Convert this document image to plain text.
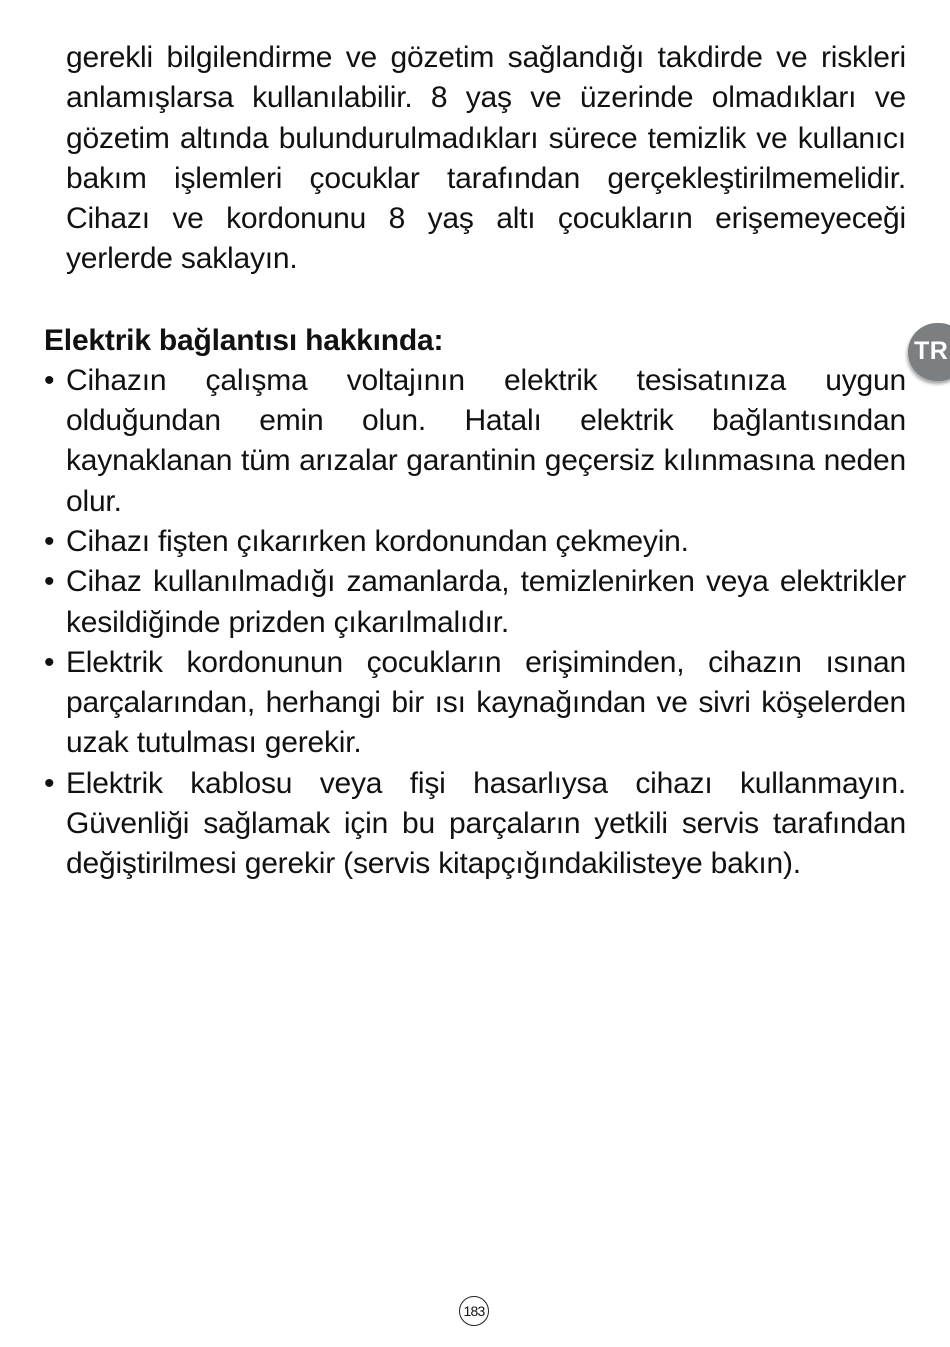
gerekli bilgilendirme ve gözetim sağlandığı takdirde ve riskleri anlamışlarsa kullanılabilir. 8 yaş ve üzerinde olmadıkları ve gözetim altında bulundurulmadıkları sürece temizlik ve kullanıcı bakım işlemleri çocuklar tarafından gerçekleştirilmemelidir. Cihazı ve kordonunu 8 yaş altı çocukların erişemeyeceği yerlerde saklayın.

Elektrik bağlantısı hakkında:
• Cihazın çalışma voltajının elektrik tesisatınıza uygun olduğundan emin olun. Hatalı elektrik bağlantısından kaynaklanan tüm arızalar garantinin geçersiz kılınmasına neden olur.
• Cihazı fişten çıkarırken kordonundan çekmeyin.
• Cihaz kullanılmadığı zamanlarda, temizlenirken veya elektrikler kesildiğinde prizden çıkarılmalıdır.
• Elektrik kordonunun çocukların erişiminden, cihazın ısınan parçalarından, herhangi bir ısı kaynağından ve sivri köşelerden uzak tutulması gerekir.
• Elektrik kablosu veya fişi hasarlıysa cihazı kullanmayın. Güvenliği sağlamak için bu parçaların yetkili servis tarafından değiştirilmesi gerekir (servis kitapçığındakilisteye bakın).
TR
183
